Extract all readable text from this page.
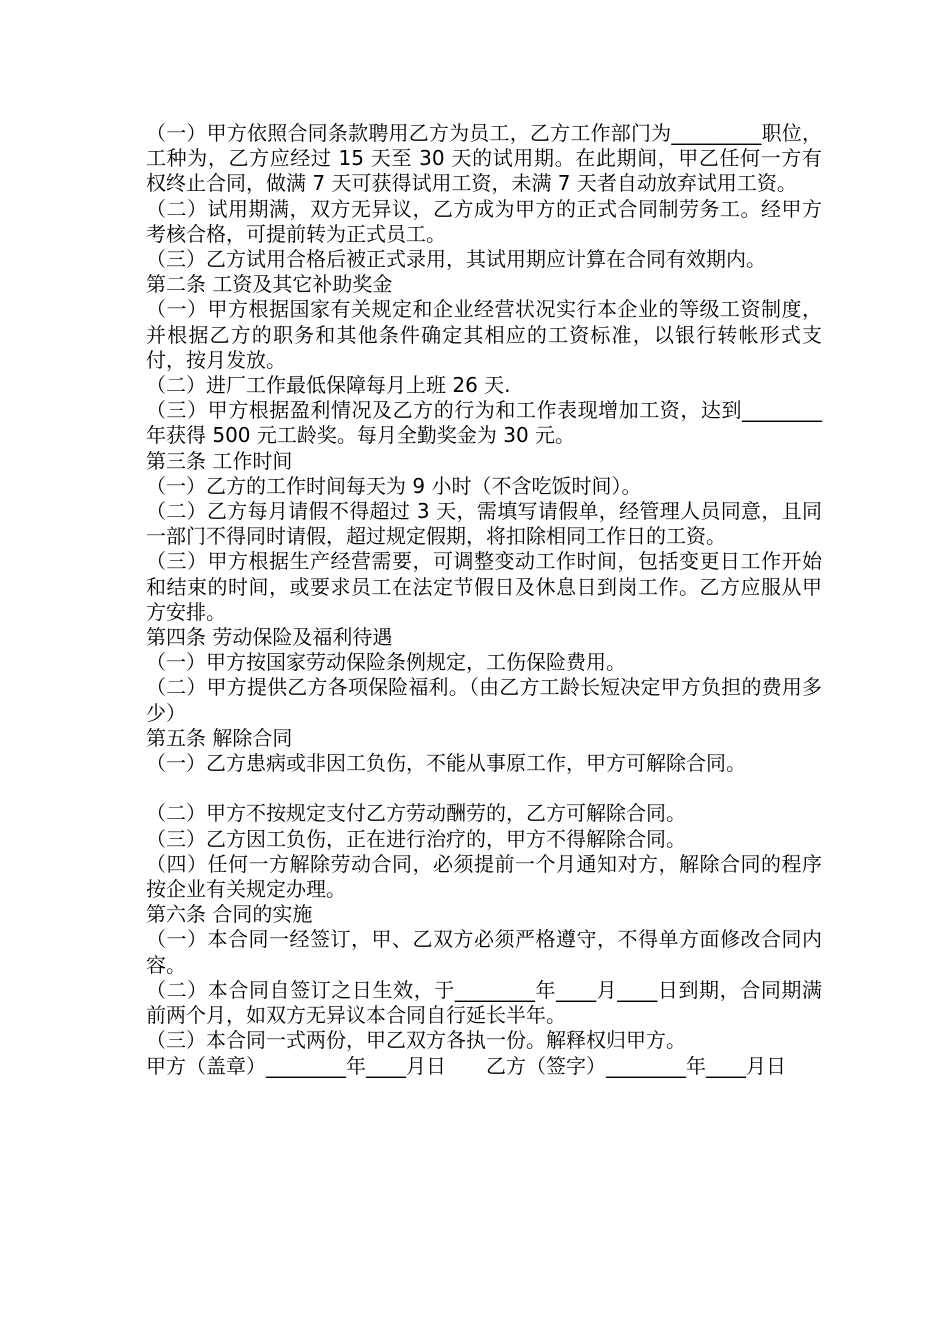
（一）甲方依照合同条款聘用乙方为员工，乙方工作部门为_________职位，工种为，乙方应经过 15 天至 30 天的试用期。在此期间，甲乙任何一方有权终止合同，做满 7 天可获得试用工资，未满 7 天者自动放弃试用工资。

（二）试用期满，双方无异议，乙方成为甲方的正式合同制劳务工。经甲方考核合格，可提前转为正式员工。

（三）乙方试用合格后被正式录用，其试用期应计算在合同有效期内。

第二条 工资及其它补助奖金

（一）甲方根据国家有关规定和企业经营状况实行本企业的等级工资制度，并根据乙方的职务和其他条件确定其相应的工资标准，以银行转帐形式支付，按月发放。

（二）进厂工作最低保障每月上班 26 天.

（三）甲方根据盈利情况及乙方的行为和工作表现增加工资，达到________年获得 500 元工龄奖。每月全勤奖金为 30 元。

第三条 工作时间

（一）乙方的工作时间每天为 9 小时（不含吃饭时间）。

（二）乙方每月请假不得超过 3 天，需填写请假单，经管理人员同意，且同一部门不得同时请假，超过规定假期，将扣除相同工作日的工资。

（三）甲方根据生产经营需要，可调整变动工作时间，包括变更日工作开始和结束的时间，或要求员工在法定节假日及休息日到岗工作。乙方应服从甲方安排。

第四条 劳动保险及福利待遇

（一）甲方按国家劳动保险条例规定，工伤保险费用。

（二）甲方提供乙方各项保险福利。（由乙方工龄长短决定甲方负担的费用多少）

第五条 解除合同

（一）乙方患病或非因工负伤，不能从事原工作，甲方可解除合同。

（二）甲方不按规定支付乙方劳动酬劳的，乙方可解除合同。

（三）乙方因工负伤，正在进行治疗的，甲方不得解除合同。

（四）任何一方解除劳动合同，必须提前一个月通知对方，解除合同的程序按企业有关规定办理。

第六条 合同的实施

（一）本合同一经签订，甲、乙双方必须严格遵守，不得单方面修改合同内容。

（二）本合同自签订之日生效，于________年____月____日到期，合同期满前两个月，如双方无异议本合同自行延长半年。

（三）本合同一式两份，甲乙双方各执一份。解释权归甲方。

甲方（盖章）________年____月日　　乙方（签字）________年____月日
